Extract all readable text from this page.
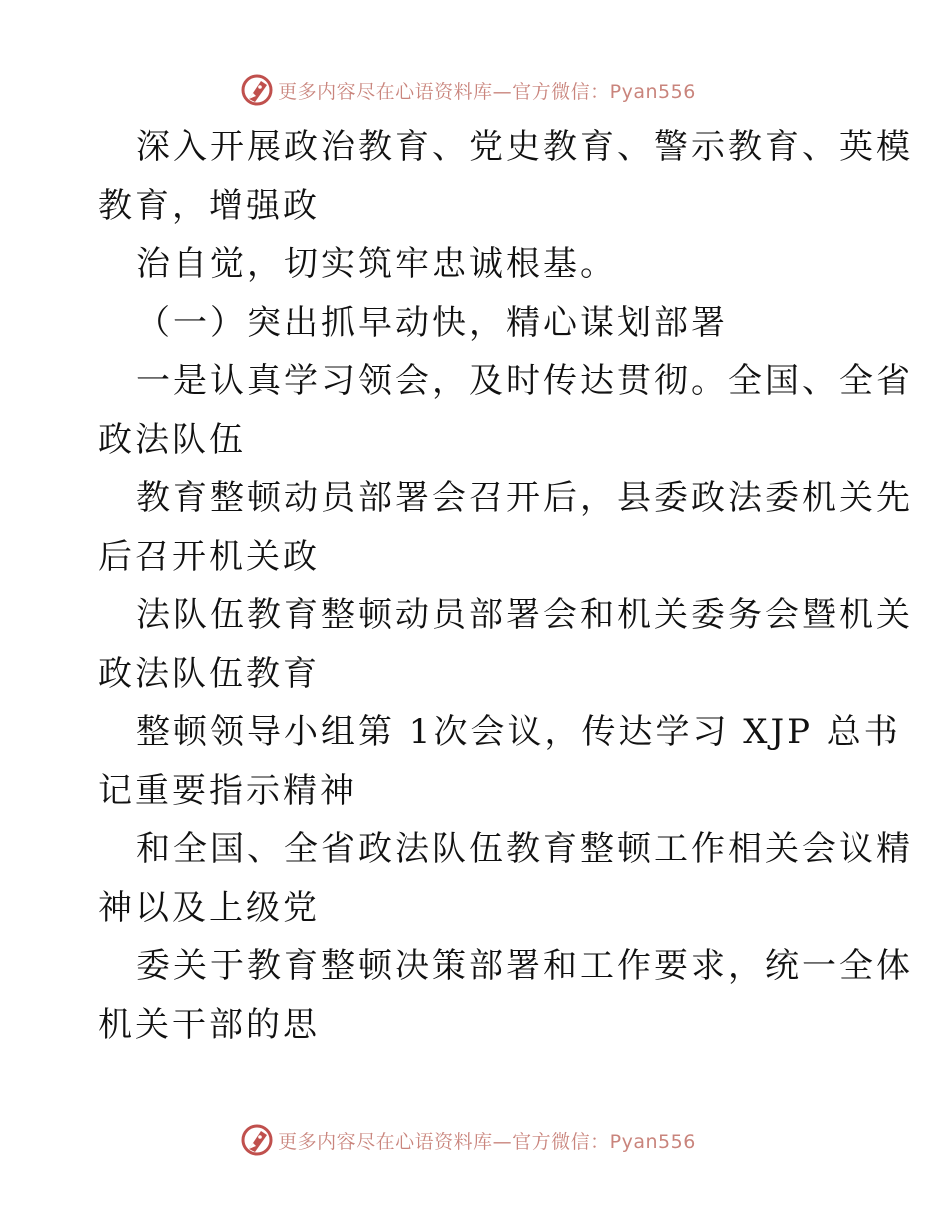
更多内容尽在心语资料库—官方微信：Pyan556
深入开展政治教育、党史教育、警示教育、英模
教育，增强政
治自觉，切实筑牢忠诚根基。
（一）突出抓早动快，精心谋划部署
一是认真学习领会，及时传达贯彻。全国、全省
政法队伍
教育整顿动员部署会召开后，县委政法委机关先
后召开机关政
法队伍教育整顿动员部署会和机关委务会暨机关
政法队伍教育
整顿领导小组第 1次会议，传达学习 XJP 总书
记重要指示精神
和全国、全省政法队伍教育整顿工作相关会议精
神以及上级党
委关于教育整顿决策部署和工作要求，统一全体
机关干部的思
更多内容尽在心语资料库—官方微信：Pyan556
